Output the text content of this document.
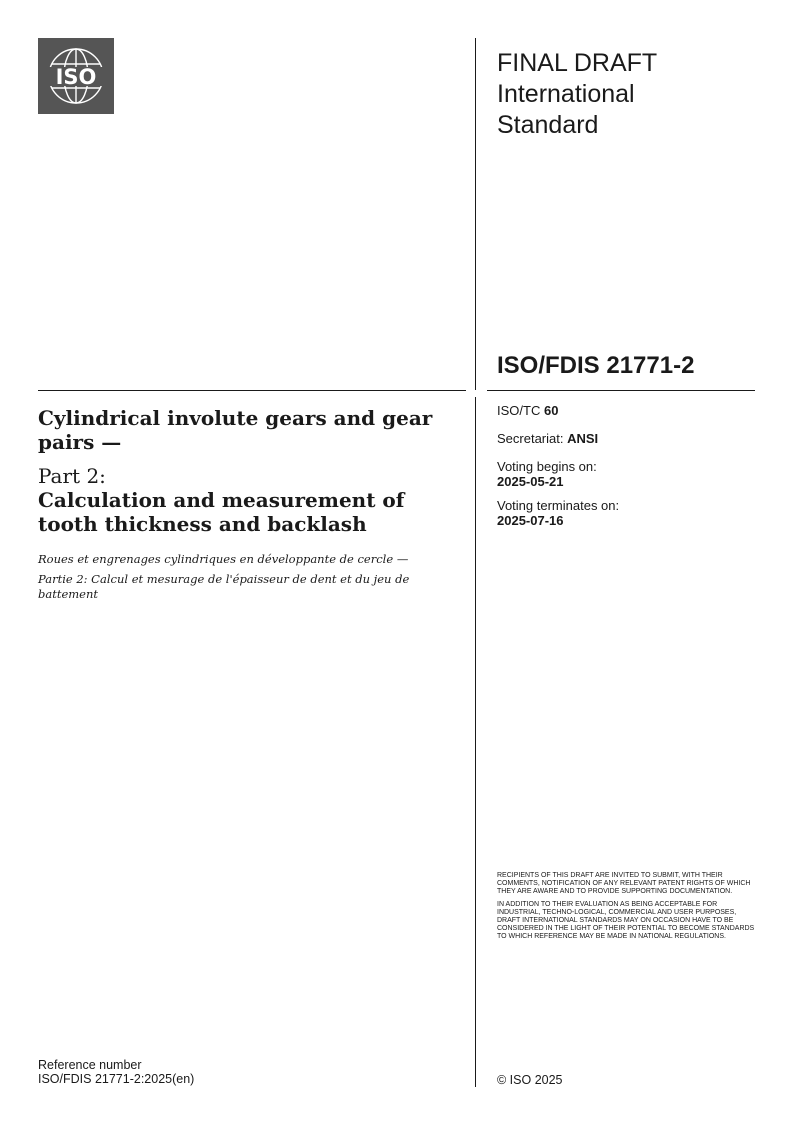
ISO	FINAL DRAFT
International
Standard
ISO/FDIS 21771-2
ISO/TC 60
Secretariat: ANSI
Voting begins on:
2025-05-21
Voting terminates on:
2025-07-16
Cylindrical involute gears and gear pairs —
Part 2:
Calculation and measurement of tooth thickness and backlash
Roues et engrenages cylindriques en développante de cercle —
Partie 2: Calcul et mesurage de l'épaisseur de dent et du jeu de battement

RECIPIENTS OF THIS DRAFT ARE INVITED TO SUBMIT, WITH THEIR COMMENTS, NOTIFICATION OF ANY RELEVANT PATENT RIGHTS OF WHICH THEY ARE AWARE AND TO PROVIDE SUPPORTING DOCUMENTATION.

IN ADDITION TO THEIR EVALUATION AS BEING ACCEPTABLE FOR INDUSTRIAL, TECHNO-LOGICAL, COMMERCIAL AND USER PURPOSES, DRAFT INTERNATIONAL STANDARDS MAY ON OCCASION HAVE TO BE CONSIDERED IN THE LIGHT OF THEIR POTENTIAL TO BECOME STANDARDS TO WHICH REFERENCE MAY BE MADE IN NATIONAL REGULATIONS.

Reference number
ISO/FDIS 21771-2:2025(en)	© ISO 2025
